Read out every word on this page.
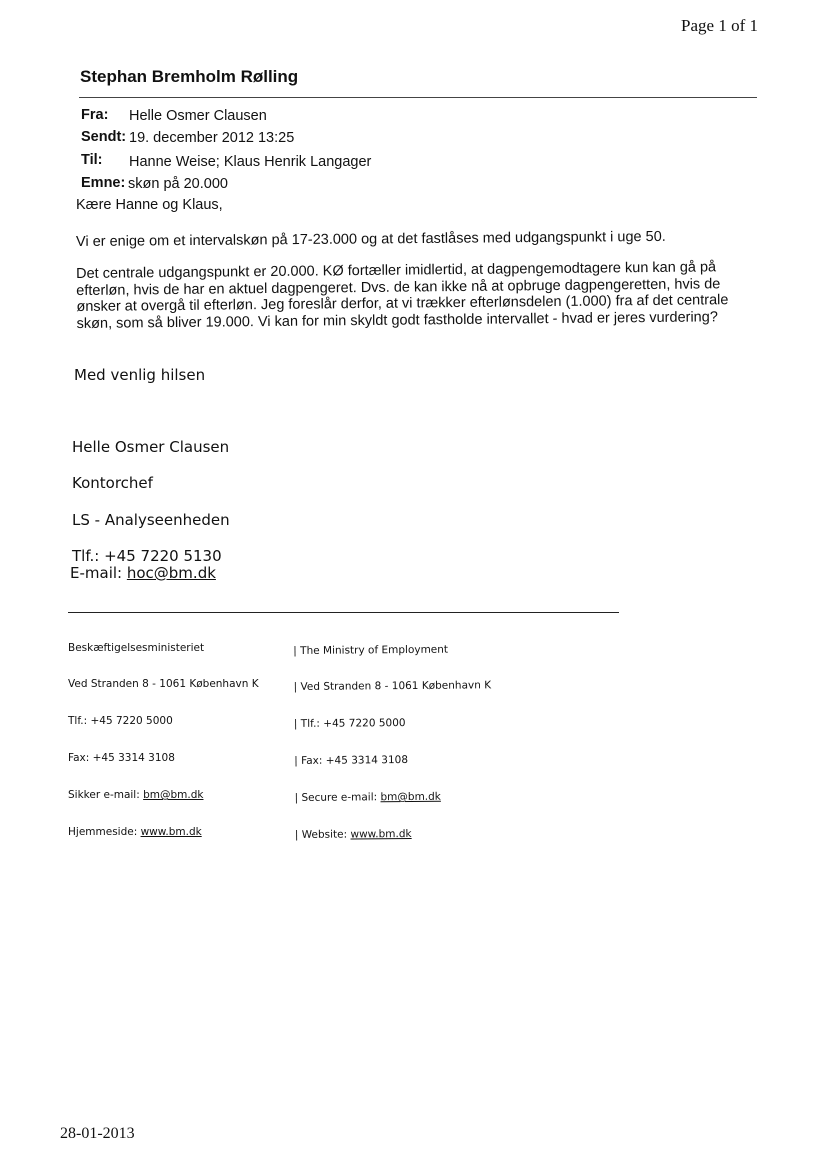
Page 1 of 1
Stephan Bremholm Rølling
Fra: Helle Osmer Clausen
Sendt: 19. december 2012 13:25
Til: Hanne Weise; Klaus Henrik Langager
Emne: skøn på 20.000
Kære Hanne og Klaus,
Vi er enige om et intervalskøn på 17-23.000 og at det fastlåses med udgangspunkt i uge 50.
Det centrale udgangspunkt er 20.000. KØ fortæller imidlertid, at dagpengemodtagere kun kan gå på
efterløn, hvis de har en aktuel dagpengeret. Dvs. de kan ikke nå at opbruge dagpengeretten, hvis de
ønsker at overgå til efterløn. Jeg foreslår derfor, at vi trækker efterlønsdelen (1.000) fra af det centrale
skøn, som så bliver 19.000. Vi kan for min skyldt godt fastholde intervallet - hvad er jeres vurdering?
Med venlig hilsen
Helle Osmer Clausen
Kontorchef
LS - Analyseenheden
Tlf.: +45 7220 5130
E-mail: hoc@bm.dk

Beskæftigelsesministeriet

Ved Stranden 8 - 1061 København K

Tlf.: +45 7220 5000

Fax: +45 3314 3108

Sikker e-mail: bm@bm.dk

Hjemmeside: www.bm.dk

| The Ministry of Employment

| Ved Stranden 8 - 1061 København K

| Tlf.: +45 7220 5000

| Fax: +45 3314 3108

| Secure e-mail: bm@bm.dk

| Website: www.bm.dk

28-01-2013
